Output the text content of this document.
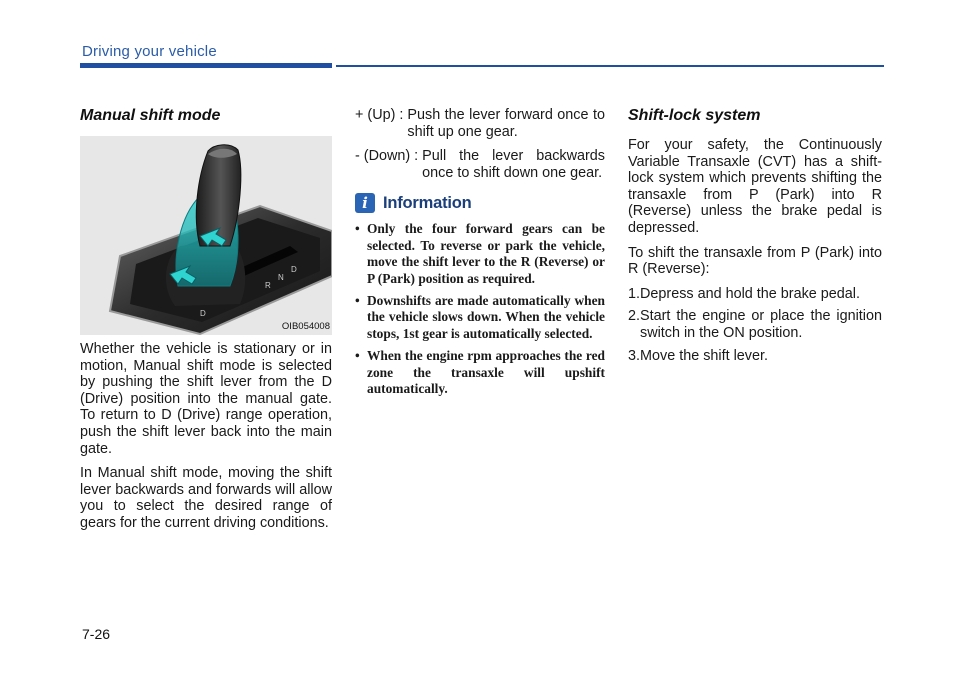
Driving your vehicle
Manual shift mode
R
N
D
D
OIB054008

Whether the vehicle is stationary or in motion, Manual shift mode is selected by pushing the shift lever from the D (Drive) position into the manual gate. To return to D (Drive) range operation, push the shift lever back into the main gate.

In Manual shift mode, moving the shift lever backwards and forwards will allow you to select the desired range of gears for the current driving conditions.

+ (Up) : Push the lever forward once to shift up one gear.
- (Down) : Pull the lever backwards once to shift down one gear.
i Information
• Only the four forward gears can be selected. To reverse or park the vehicle, move the shift lever to the R (Reverse) or P (Park) position as required.
• Downshifts are made automatically when the vehicle slows down. When the vehicle stops, 1st gear is automatically selected.
• When the engine rpm approaches the red zone the transaxle will upshift automatically.
Shift-lock system

For your safety, the Continuously Variable Transaxle (CVT) has a shift-lock system which prevents shifting the transaxle from P (Park) into R (Reverse) unless the brake pedal is depressed.

To shift the transaxle from P (Park) into R (Reverse):

1.Depress and hold the brake pedal.
2.Start the engine or place the ignition switch in the ON position.
3.Move the shift lever.
7-26
